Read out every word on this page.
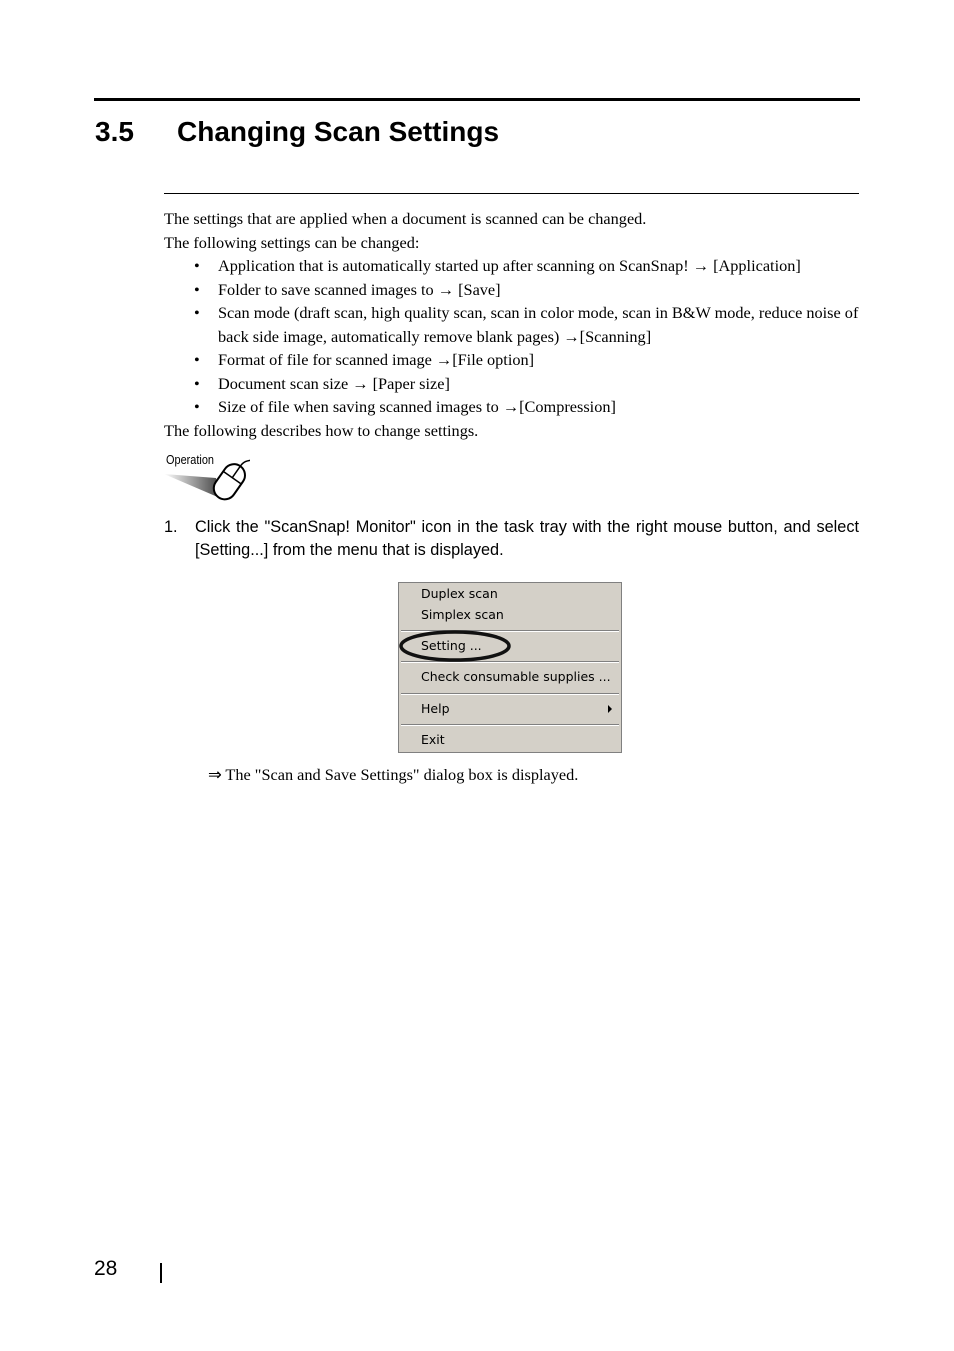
3.5 Changing Scan Settings

The settings that are applied when a document is scanned can be changed.

The following settings can be changed:

• Application that is automatically started up after scanning on ScanSnap! → [Application]
• Folder to save scanned images to → [Save]
• Scan mode (draft scan, high quality scan, scan in color mode, scan in B&W mode, reduce noise of back side image, automatically remove blank pages) →[Scanning]
• Format of file for scanned image →[File option]
• Document scan size → [Paper size]
• Size of file when saving scanned images to →[Compression]

The following describes how to change settings.

Operation
1. Click the "ScanSnap! Monitor" icon in the task tray with the right mouse button, and select [Setting...] from the menu that is displayed.
Duplex scan
Simplex scan
Setting ...
Check consumable supplies ...
Help
Exit
⇒ The "Scan and Save Settings" dialog box is displayed.
28
